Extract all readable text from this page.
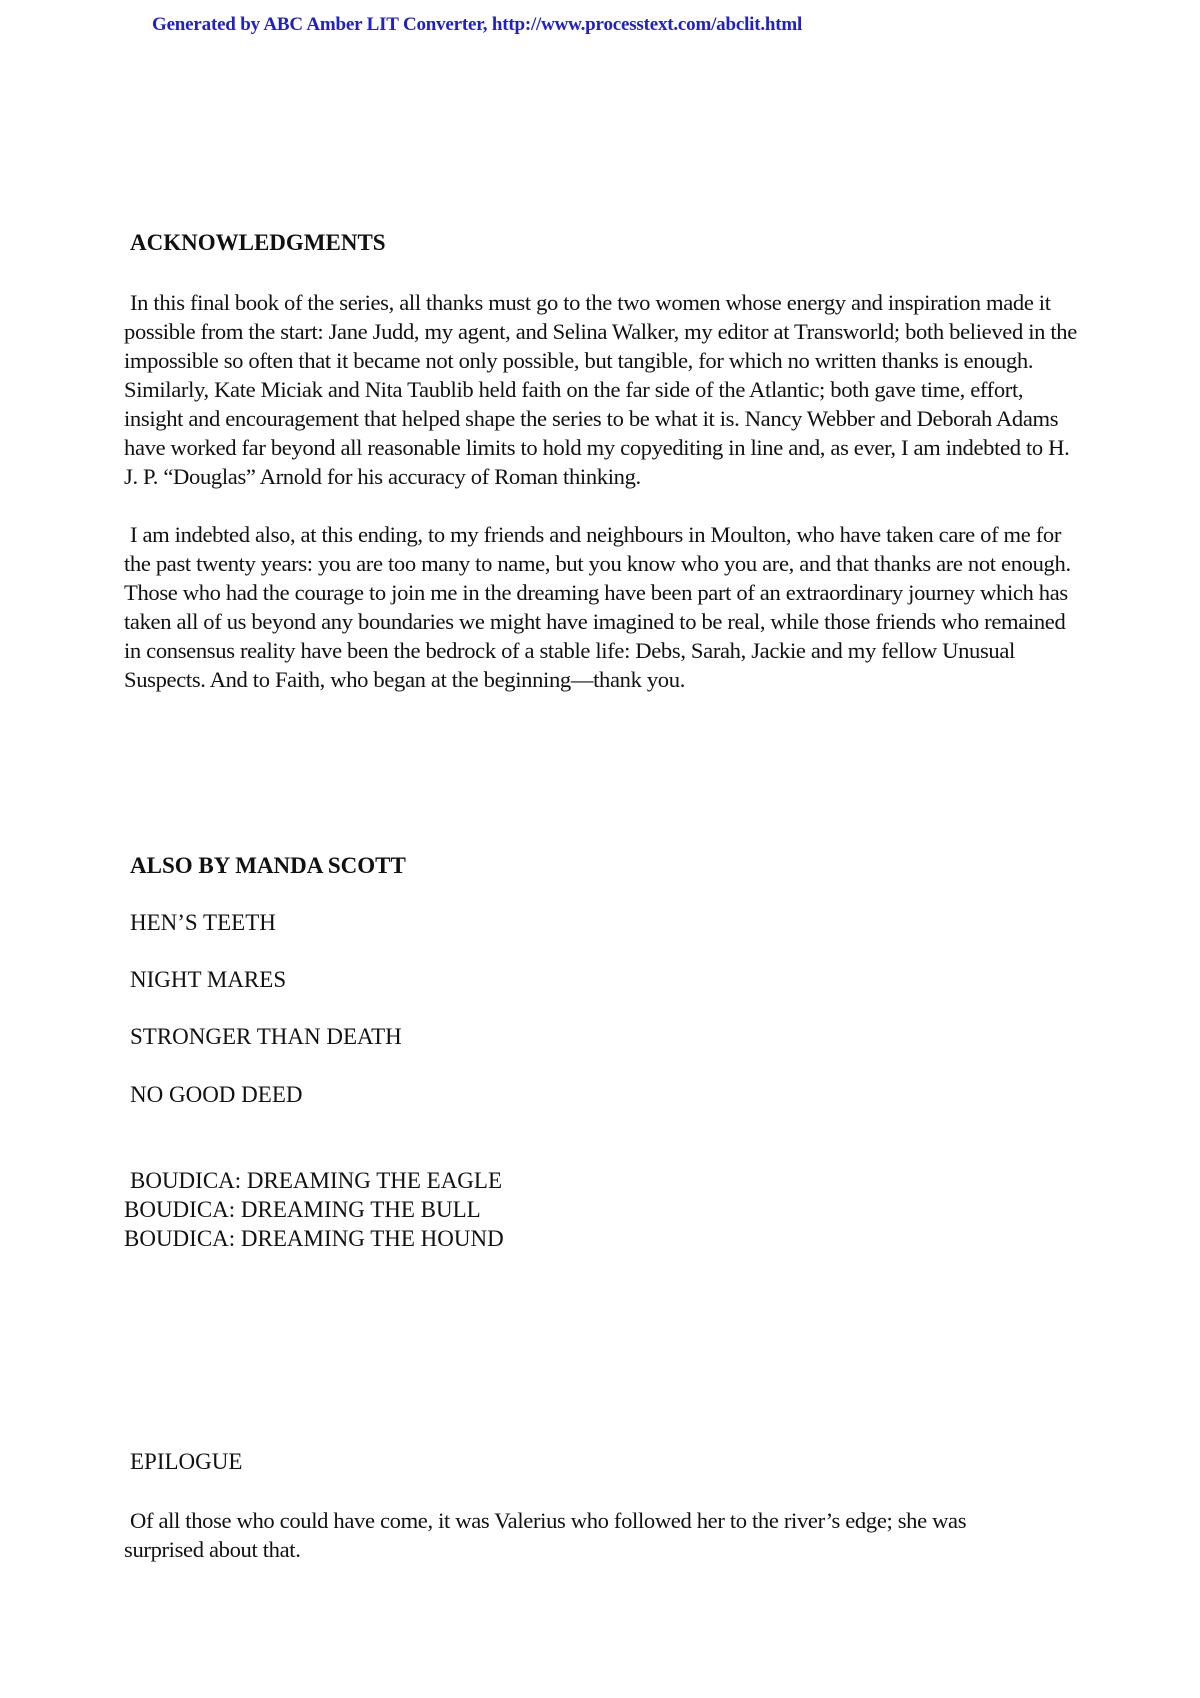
Generated by ABC Amber LIT Converter, http://www.processtext.com/abclit.html
ACKNOWLEDGMENTS

In this final book of the series, all thanks must go to the two women whose energy and inspiration made it possible from the start: Jane Judd, my agent, and Selina Walker, my editor at Transworld; both believed in the impossible so often that it became not only possible, but tangible, for which no written thanks is enough. Similarly, Kate Miciak and Nita Taublib held faith on the far side of the Atlantic; both gave time, effort, insight and encouragement that helped shape the series to be what it is. Nancy Webber and Deborah Adams have worked far beyond all reasonable limits to hold my copyediting in line and, as ever, I am indebted to H. J. P. “Douglas” Arnold for his accuracy of Roman thinking.

I am indebted also, at this ending, to my friends and neighbours in Moulton, who have taken care of me for the past twenty years: you are too many to name, but you know who you are, and that thanks are not enough. Those who had the courage to join me in the dreaming have been part of an extraordinary journey which has taken all of us beyond any boundaries we might have imagined to be real, while those friends who remained in consensus reality have been the bedrock of a stable life: Debs, Sarah, Jackie and my fellow Unusual Suspects. And to Faith, who began at the beginning—thank you.

ALSO BY MANDA SCOTT
HEN’S TEETH
NIGHT MARES
STRONGER THAN DEATH
NO GOOD DEED
BOUDICA: DREAMING THE EAGLE
BOUDICA: DREAMING THE BULL
BOUDICA: DREAMING THE HOUND
EPILOGUE

Of all those who could have come, it was Valerius who followed her to the river’s edge; she was surprised about that.
